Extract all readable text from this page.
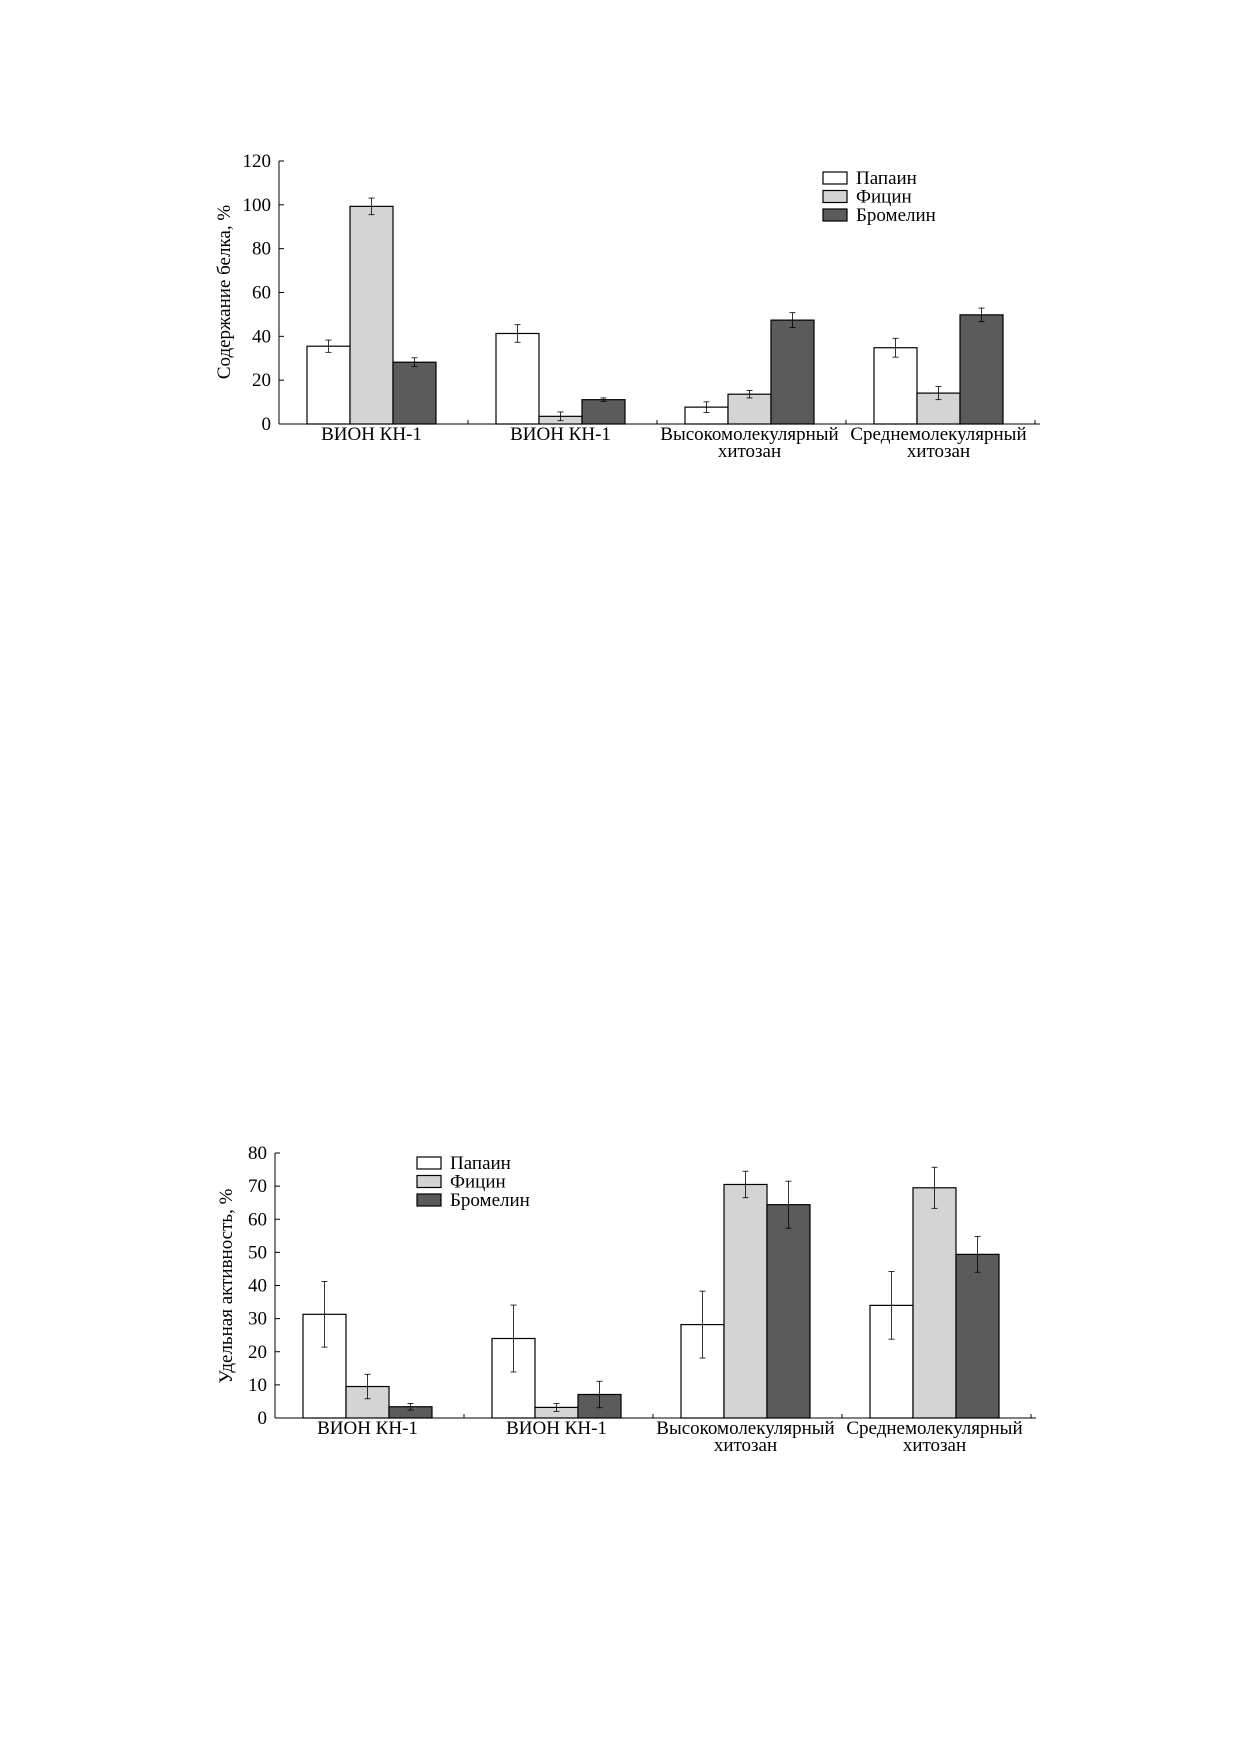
0
20
40
60
80
100
120
Содержание белка, %
ВИОН КН-1	ВИОН КН-1	Высокомолекулярный
хитозан
Среднемолекулярный
хитозан
Папаин
Фицин
Бромелин
0
10
20
30
40
50
60
70
80
Удельная активность, %
ВИОН КН-1	ВИОН КН-1	Высокомолекулярный
хитозан
Среднемолекулярный
хитозан
Папаин
Фицин
Бромелин
